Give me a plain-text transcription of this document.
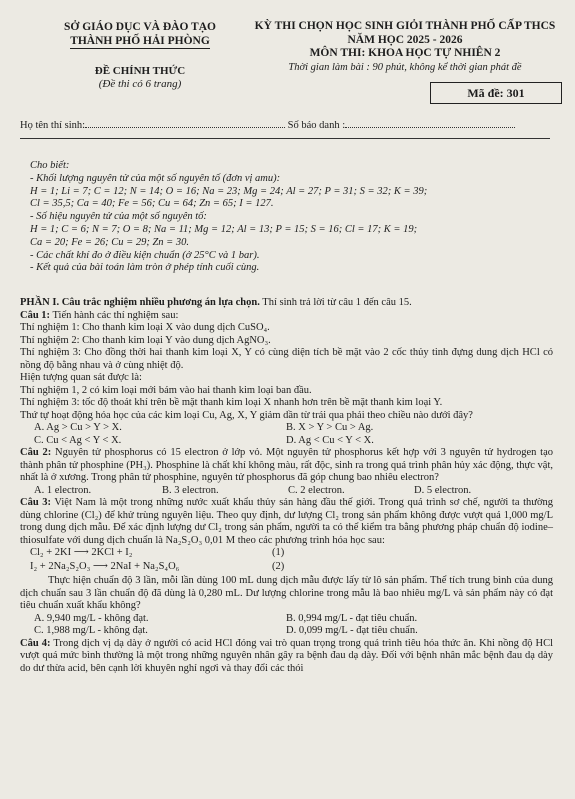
SỞ GIÁO DỤC VÀ ĐÀO TẠO
THÀNH PHỐ HẢI PHÒNG
ĐỀ CHÍNH THỨC
(Đề thi có 6 trang)
KỲ THI CHỌN HỌC SINH GIỎI THÀNH PHỐ CẤP THCS
NĂM HỌC 2025 - 2026
MÔN THI: KHOA HỌC TỰ NHIÊN 2
Thời gian làm bài : 90 phút, không kể thời gian phát đề
Mã đề: 301
Họ tên thí sinh:	Số báo danh :

Cho biết:

- Khối lượng nguyên tử của một số nguyên tố (đơn vị amu):

H = 1; Li = 7; C = 12; N = 14; O = 16; Na = 23; Mg = 24; Al = 27; P = 31; S = 32; K = 39;

Cl = 35,5; Ca = 40; Fe = 56; Cu = 64; Zn = 65; I = 127.

- Số hiệu nguyên tử của một số nguyên tố:

H = 1; C = 6; N = 7; O = 8; Na = 11; Mg = 12; Al = 13; P = 15; S = 16; Cl = 17; K = 19;

Ca = 20; Fe = 26; Cu = 29; Zn = 30.

- Các chất khí đo ở điều kiện chuẩn (ở 25°C và 1 bar).

- Kết quả của bài toán làm tròn ở phép tính cuối cùng.

PHẦN I. Câu trắc nghiệm nhiều phương án lựa chọn. Thí sinh trả lời từ câu 1 đến câu 15.

Câu 1: Tiến hành các thí nghiệm sau:

Thí nghiệm 1: Cho thanh kim loại X vào dung dịch CuSO₄.

Thí nghiệm 2: Cho thanh kim loại Y vào dung dịch AgNO₃.

Thí nghiệm 3: Cho đồng thời hai thanh kim loại X, Y có cùng diện tích bề mặt vào 2 cốc thủy tinh đựng dung dịch HCl có nồng độ bằng nhau và ở cùng nhiệt độ.

Hiện tượng quan sát được là:

Thí nghiệm 1, 2 có kim loại mới bám vào hai thanh kim loại ban đầu.

Thí nghiệm 3: tốc độ thoát khí trên bề mặt thanh kim loại X nhanh hơn trên bề mặt thanh kim loại Y.

Thứ tự hoạt động hóa học của các kim loại Cu, Ag, X, Y giảm dần từ trái qua phải theo chiều nào dưới đây?

A. Ag > Cu > Y > X.	B. X > Y > Cu > Ag.
C. Cu < Ag < Y < X.	D. Ag < Cu < Y < X.

Câu 2: Nguyên tử phosphorus có 15 electron ở lớp vỏ. Một nguyên tử phosphorus kết hợp với 3 nguyên tử hydrogen tạo thành phân tử phosphine (PH₃). Phosphine là chất khí không màu, rất độc, sinh ra trong quá trình phân hủy xác động, thực vật, nhất là ở xương. Trong phân tử phosphine, nguyên tử phosphorus đã góp chung bao nhiêu electron?

A. 1 electron.	B. 3 electron.	C. 2 electron.	D. 5 electron.

Câu 3: Việt Nam là một trong những nước xuất khẩu thủy sản hàng đầu thế giới. Trong quá trình sơ chế, người ta thường dùng chlorine (Cl₂) để khử trùng nguyên liệu. Theo quy định, dư lượng Cl₂ trong sản phẩm không được vượt quá 1,000 mg/L trong dung dịch mẫu. Để xác định lượng dư Cl₂ trong sản phẩm, người ta có thể kiểm tra bằng phương pháp chuẩn độ iodine–thiosulfate với dung dịch chuẩn là Na₂S₂O₃ 0,01 M theo các phương trình hóa học sau:

Cl₂ + 2KI ⟶ 2KCl + I₂	(1)
I₂ + 2Na₂S₂O₃ ⟶ 2NaI + Na₂S₄O₆	(2)

Thực hiện chuẩn độ 3 lần, mỗi lần dùng 100 mL dung dịch mẫu được lấy từ lô sản phẩm. Thể tích trung bình của dung dịch chuẩn sau 3 lần chuẩn độ đã dùng là 0,280 mL. Dư lượng chlorine trong mẫu là bao nhiêu mg/L và sản phẩm này có đạt tiêu chuẩn xuất khẩu không?

A. 9,940 mg/L - không đạt.	B. 0,994 mg/L - đạt tiêu chuẩn.
C. 1,988 mg/L - không đạt.	D. 0,099 mg/L - đạt tiêu chuẩn.

Câu 4: Trong dịch vị dạ dày ở người có acid HCl đóng vai trò quan trọng trong quá trình tiêu hóa thức ăn. Khi nồng độ HCl vượt quá mức bình thường là một trong những nguyên nhân gây ra bệnh đau dạ dày. Đối với bệnh nhân mắc bệnh đau dạ dày do dư thừa acid, bên cạnh lời khuyên nghỉ ngơi và thay đổi các thói
